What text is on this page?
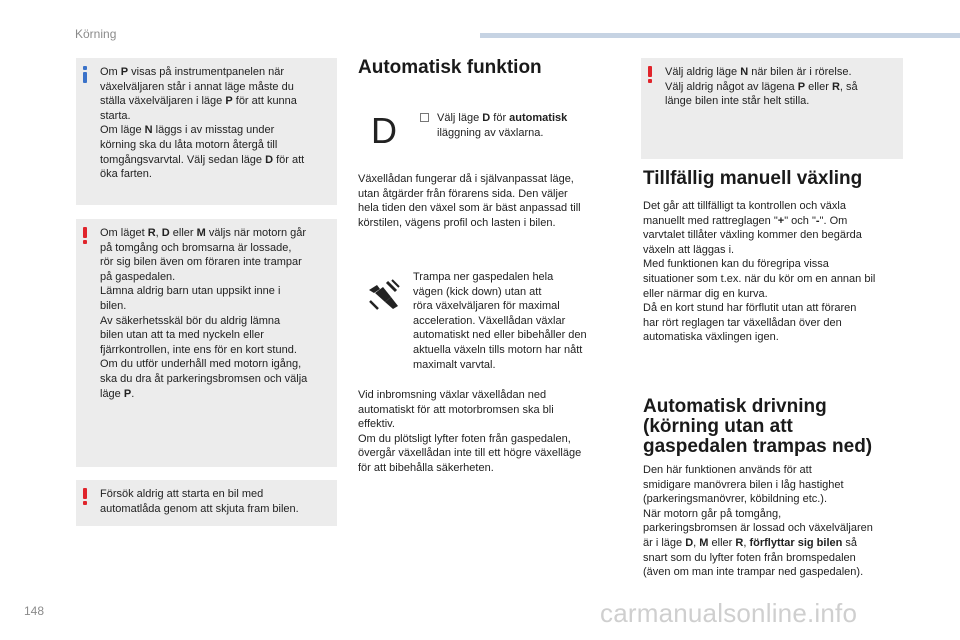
Körning
148	carmanualsonline.info

Om P visas på instrumentpanelen när
växelväljaren står i annat läge måste du
ställa växelväljaren i läge P för att kunna
starta.
Om läge N läggs i av misstag under
körning ska du låta motorn återgå till
tomgångsvarvtal. Välj sedan läge D för att
öka farten.

Om läget R, D eller M väljs när motorn går
på tomgång och bromsarna är lossade,
rör sig bilen även om föraren inte trampar
på gaspedalen.
Lämna aldrig barn utan uppsikt inne i
bilen.
Av säkerhetsskäl bör du aldrig lämna
bilen utan att ta med nyckeln eller
fjärrkontrollen, inte ens för en kort stund.
Om du utför underhåll med motorn igång,
ska du dra åt parkeringsbromsen och välja
läge P.

Försök aldrig att starta en bil med
automatlåda genom att skjuta fram bilen.

Automatisk funktion
D	Välj läge D för automatisk
iläggning av växlarna.

Växellådan fungerar då i självanpassat läge,
utan åtgärder från förarens sida. Den väljer
hela tiden den växel som är bäst anpassad till
körstilen, vägens profil och lasten i bilen.

Trampa ner gaspedalen hela
vägen (kick down) utan att
röra växelväljaren för maximal
acceleration. Växellådan växlar
automatiskt ned eller bibehåller den
aktuella växeln tills motorn har nått
maximalt varvtal.

Vid inbromsning växlar växellådan ned
automatiskt för att motorbromsen ska bli
effektiv.
Om du plötsligt lyfter foten från gaspedalen,
övergår växellådan inte till ett högre växelläge
för att bibehålla säkerheten.

Välj aldrig läge N när bilen är i rörelse.
Välj aldrig något av lägena P eller R, så
länge bilen inte står helt stilla.

Tillfällig manuell växling

Det går att tillfälligt ta kontrollen och växla
manuellt med rattreglagen "+" och "-". Om
varvtalet tillåter växling kommer den begärda
växeln att läggas i.
Med funktionen kan du föregripa vissa
situationer som t.ex. när du kör om en annan bil
eller närmar dig en kurva.
Då en kort stund har förflutit utan att föraren
har rört reglagen tar växellådan över den
automatiska växlingen igen.

Automatisk drivning
(körning utan att
gaspedalen trampas ned)

Den här funktionen används för att
smidigare manövrera bilen i låg hastighet
(parkeringsmanövrer, köbildning etc.).
När motorn går på tomgång,
parkeringsbromsen är lossad och växelväljaren
är i läge D, M eller R, förflyttar sig bilen så
snart som du lyfter foten från bromspedalen
(även om man inte trampar ned gaspedalen).
